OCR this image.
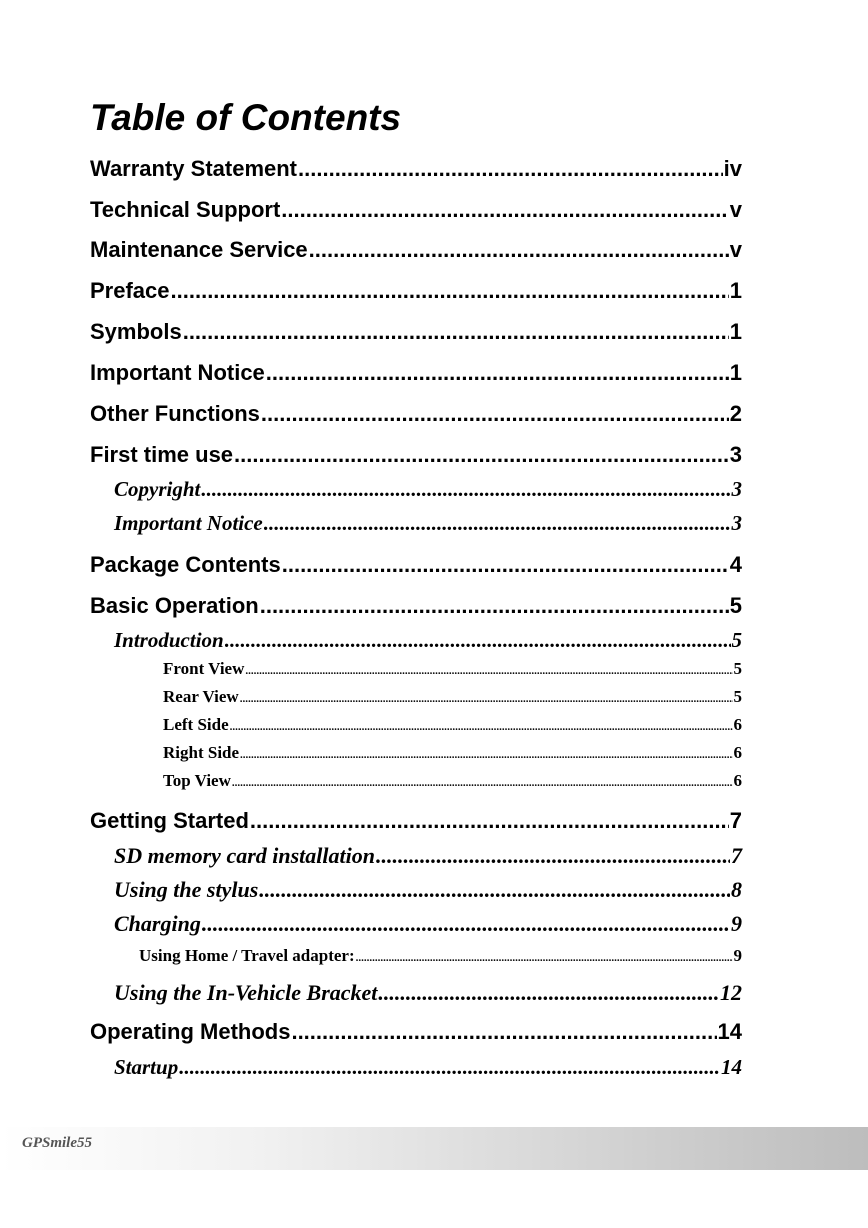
Table of Contents
Warranty Statement .....	iv
Technical Support .....	v
Maintenance Service .....	v
Preface .....	1
Symbols .....	1
Important Notice .....	1
Other Functions .....	2
First time use .....	3
Copyright .....	3
Important Notice .....	3
Package Contents .....	4
Basic Operation .....	5
Introduction .....	5
Front View .....	5
Rear View .....	5
Left Side .....	6
Right Side .....	6
Top View .....	6
Getting Started .....	7
SD memory card installation .....	7
Using the stylus .....	8
Charging .....	9
Using Home / Travel adapter: .....	9
Using the In-Vehicle Bracket .....	12
Operating Methods .....	14
Startup .....	14
GPSmile55
